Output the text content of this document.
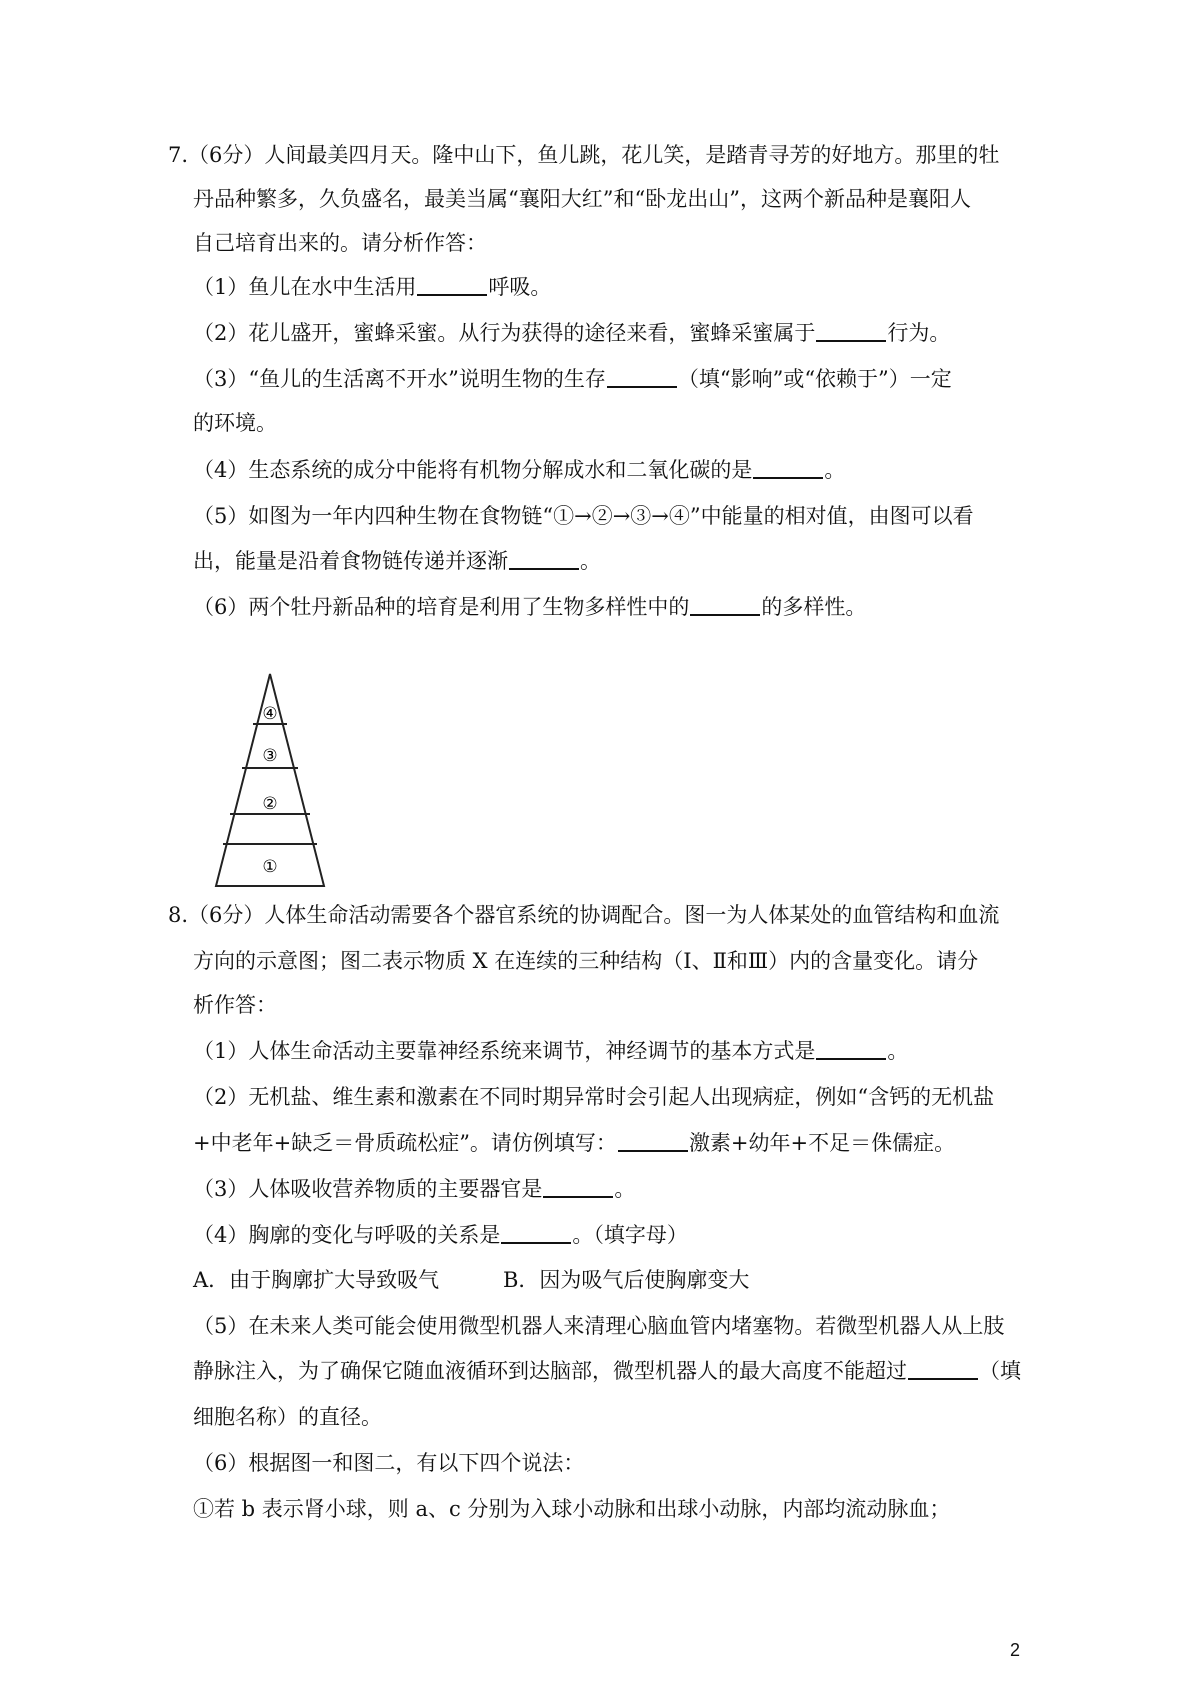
7.（6分）人间最美四月天。隆中山下，鱼儿跳，花儿笑，是踏青寻芳的好地方。那里的牡
丹品种繁多，久负盛名，最美当属“襄阳大红”和“卧龙出山”，这两个新品种是襄阳人
自己培育出来的。请分析作答：
（1）鱼儿在水中生活用	呼吸。
（2）花儿盛开，蜜蜂采蜜。从行为获得的途径来看，蜜蜂采蜜属于	行为。
（3）“鱼儿的生活离不开水”说明生物的生存	（填“影响”或“依赖于”）一定
的环境。
（4）生态系统的成分中能将有机物分解成水和二氧化碳的是	。
（5）如图为一年内四种生物在食物链“①→②→③→④”中能量的相对值，由图可以看
出，能量是沿着食物链传递并逐渐	。
（6）两个牡丹新品种的培育是利用了生物多样性中的	的多样性。
④
③
②
①
8.（6分）人体生命活动需要各个器官系统的协调配合。图一为人体某处的血管结构和血流
方向的示意图；图二表示物质 X 在连续的三种结构（Ⅰ、Ⅱ和Ⅲ）内的含量变化。请分
析作答：
（1）人体生命活动主要靠神经系统来调节，神经调节的基本方式是	。
（2）无机盐、维生素和激素在不同时期异常时会引起人出现病症，例如“含钙的无机盐
+中老年+缺乏＝骨质疏松症”。请仿例填写：	激素+幼年+不足＝侏儒症。
（3）人体吸收营养物质的主要器官是	。
（4）胸廓的变化与呼吸的关系是	。（填字母）
A．由于胸廓扩大导致吸气	B．因为吸气后使胸廓变大
（5）在未来人类可能会使用微型机器人来清理心脑血管内堵塞物。若微型机器人从上肢
静脉注入，为了确保它随血液循环到达脑部，微型机器人的最大高度不能超过	（填
细胞名称）的直径。
（6）根据图一和图二，有以下四个说法：
①若 b 表示肾小球，则 a、c 分别为入球小动脉和出球小动脉，内部均流动脉血；
2
